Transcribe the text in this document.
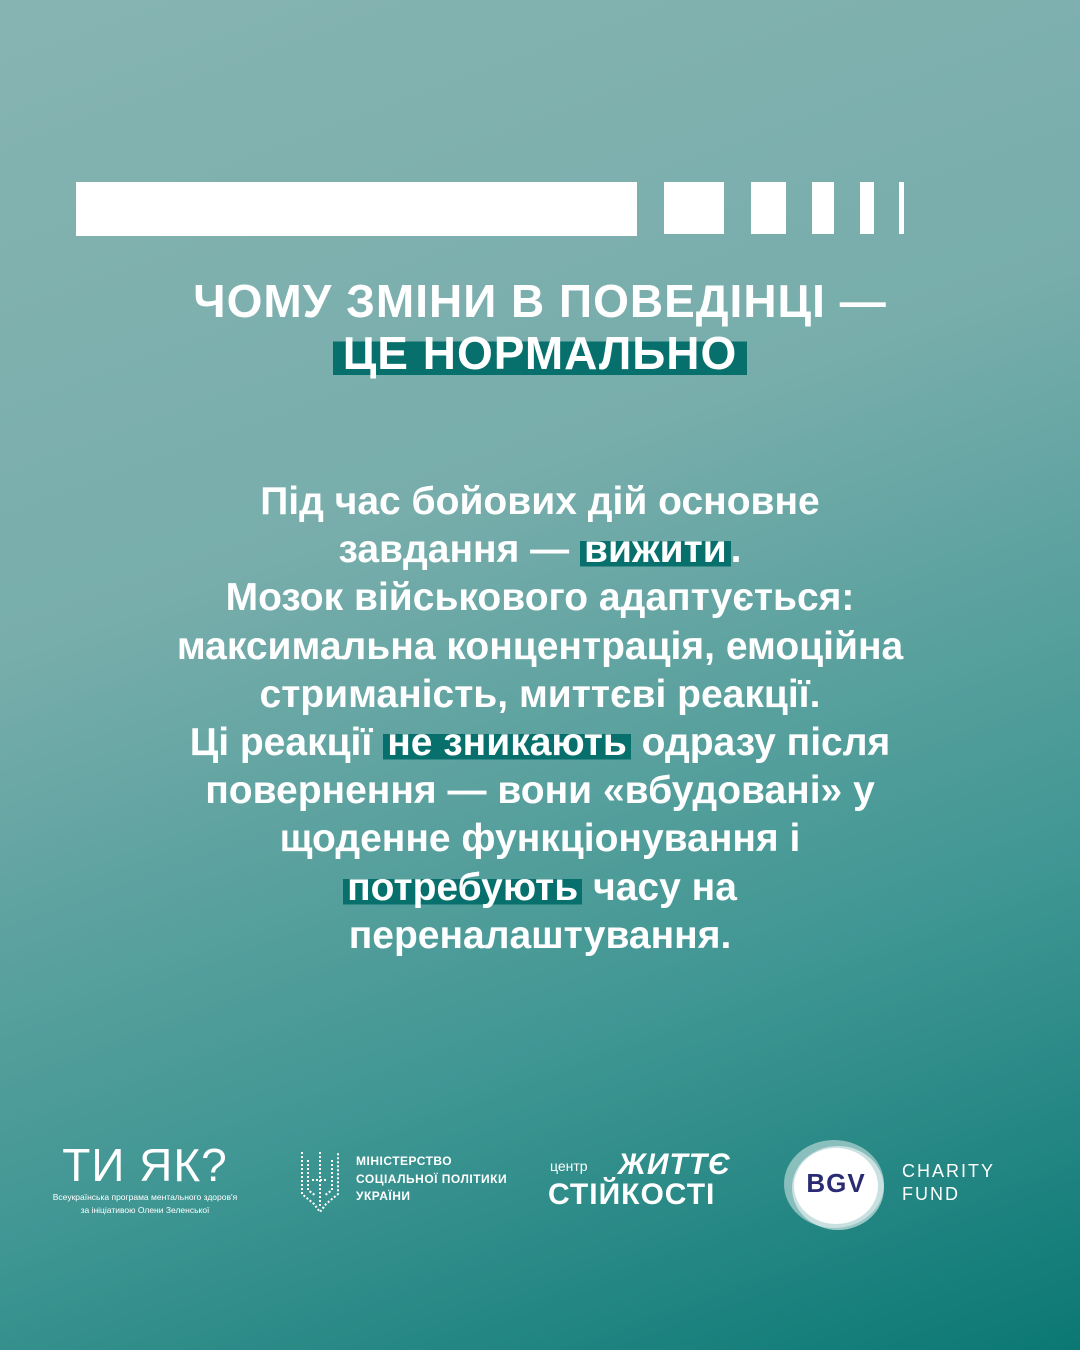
ЧОМУ ЗМІНИ В ПОВЕДІНЦІ —
ЦЕ НОРМАЛЬНО
Під час бойових дій основне
завдання — вижити .
Мозок військового адаптується:
максимальна концентрація, емоційна
стриманість, миттєві реакції.
Ці реакції не зникають одразу після
повернення — вони «вбудовані» у
щоденне функціонування і
потребують часу на
переналаштування.
ТИ ЯК?
Всеукраїнська програма ментального здоров'я
за ініціативою Олени Зеленської
МІНІСТЕРСТВО
СОЦІАЛЬНОЇ ПОЛІТИКИ
УКРАЇНИ
центр ЖИТТЄ
СТІЙКОСТІ	BGV CHARITY
FUND
